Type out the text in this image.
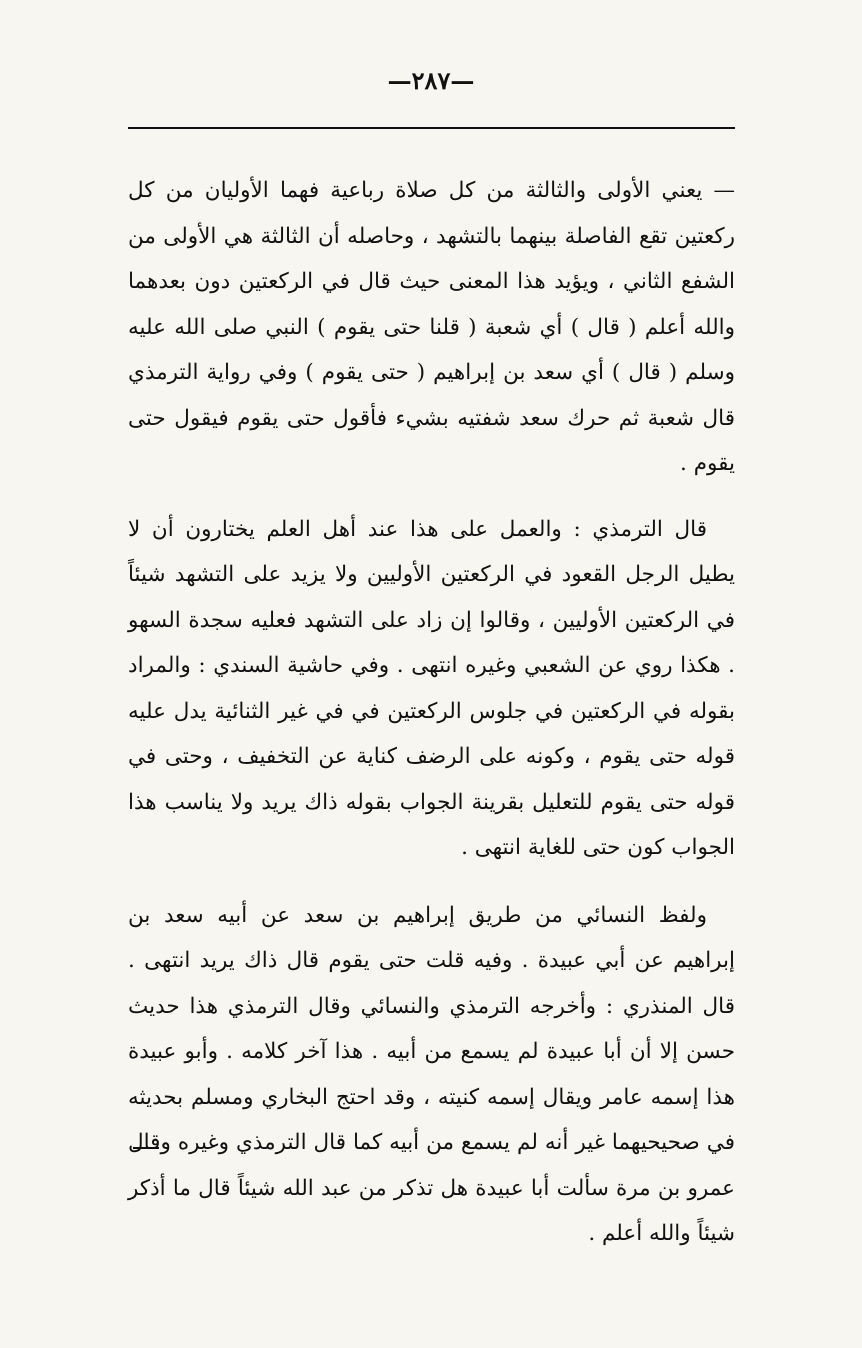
—٢٨٧—

— يعني الأولى والثالثة من كل صلاة رباعية فهما الأوليان من كل ركعتين تقع الفاصلة بينهما بالتشهد ، وحاصله أن الثالثة هي الأولى من الشفع الثاني ، ويؤيد هذا المعنى حيث قال في الركعتين دون بعدهما والله أعلم ( قال ) أي شعبة ( قلنا حتى يقوم ) النبي صلى الله عليه وسلم ( قال ) أي سعد بن إبراهيم ( حتى يقوم ) وفي رواية الترمذي قال شعبة ثم حرك سعد شفتيه بشيء فأقول حتى يقوم فيقول حتى يقوم .

قال الترمذي : والعمل على هذا عند أهل العلم يختارون أن لا يطيل الرجل القعود في الركعتين الأوليين ولا يزيد على التشهد شيئاً في الركعتين الأوليين ، وقالوا إن زاد على التشهد فعليه سجدة السهو . هكذا روي عن الشعبي وغيره انتهى . وفي حاشية السندي : والمراد بقوله في الركعتين في جلوس الركعتين في في غير الثنائية يدل عليه قوله حتى يقوم ، وكونه على الرضف كناية عن التخفيف ، وحتى في قوله حتى يقوم للتعليل بقرينة الجواب بقوله ذاك يريد ولا يناسب هذا الجواب كون حتى للغاية انتهى .

ولفظ النسائي من طريق إبراهيم بن سعد عن أبيه سعد بن إبراهيم عن أبي عبيدة . وفيه قلت حتى يقوم قال ذاك يريد انتهى . قال المنذري : وأخرجه الترمذي والنسائي وقال الترمذي هذا حديث حسن إلا أن أبا عبيدة لم يسمع من أبيه . هذا آخر كلامه . وأبو عبيدة هذا إسمه عامر ويقال إسمه كنيته ، وقد احتج البخاري ومسلم بحديثه في صحيحيهما غير أنه لم يسمع من أبيه كما قال الترمذي وغيره وقال عمرو بن مرة سألت أبا عبيدة هل تذكر من عبد الله شيئاً قال ما أذكر شيئاً والله أعلم .
